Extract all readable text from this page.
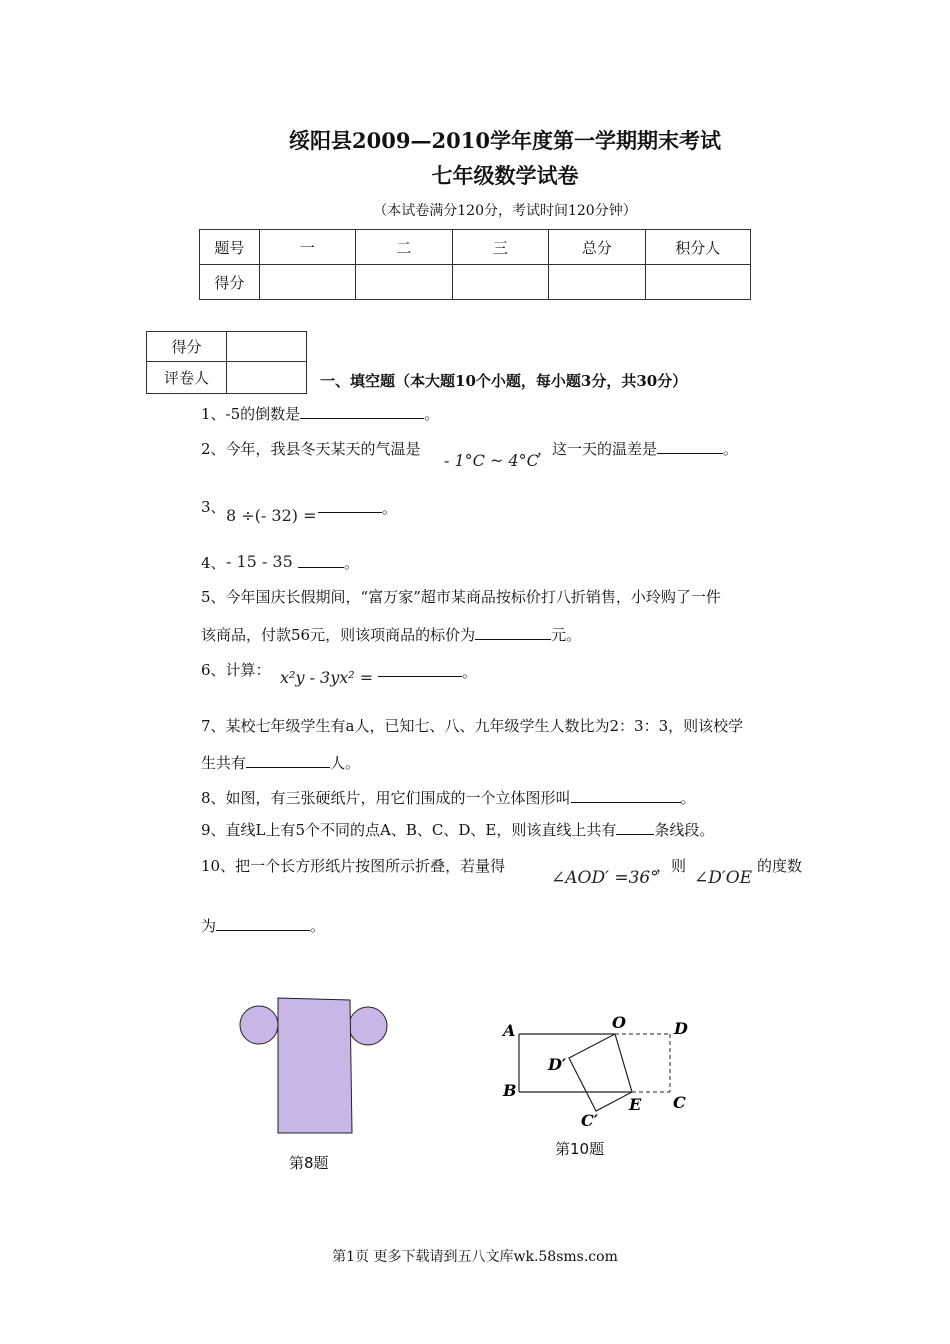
绥阳县2009—2010学年度第一学期期末考试
七年级数学试卷
（本试卷满分120分，考试时间120分钟）
题号	一	二	三	总分	积分人
得分					
得分	
评卷人		一、填空题（本大题10个小题，每小题3分，共30分）
1、-5的倒数是	。
2、今年，我县冬天某天的气温是
- 1°C ~ 4°C
，这一天的温差是	。
3、 8 ÷(- 32) =	。
4、 - 15 - 35	。
5、今年国庆长假期间，“富万家”超市某商品按标价打八折销售，小玲购了一件
该商品，付款56元，则该项商品的标价为	元。
6、计算： x²y - 3yx² =	。
7、某校七年级学生有a人，已知七、八、九年级学生人数比为2：3：3，则该校学
生共有	人。
8、如图，有三张硬纸片，用它们围成的一个立体图形叫	。
9、直线L上有5个不同的点A、B、C、D、E，则该直线上共有	条线段。
10、把一个长方形纸片按图所示折叠，若量得
∠AOD′ =36°
，则
∠D′OE
的度数
为	。
第8题
A	O	D
D′
B
E C
C′
第10题
第1页 更多下载请到五八文库wk.58sms.com
